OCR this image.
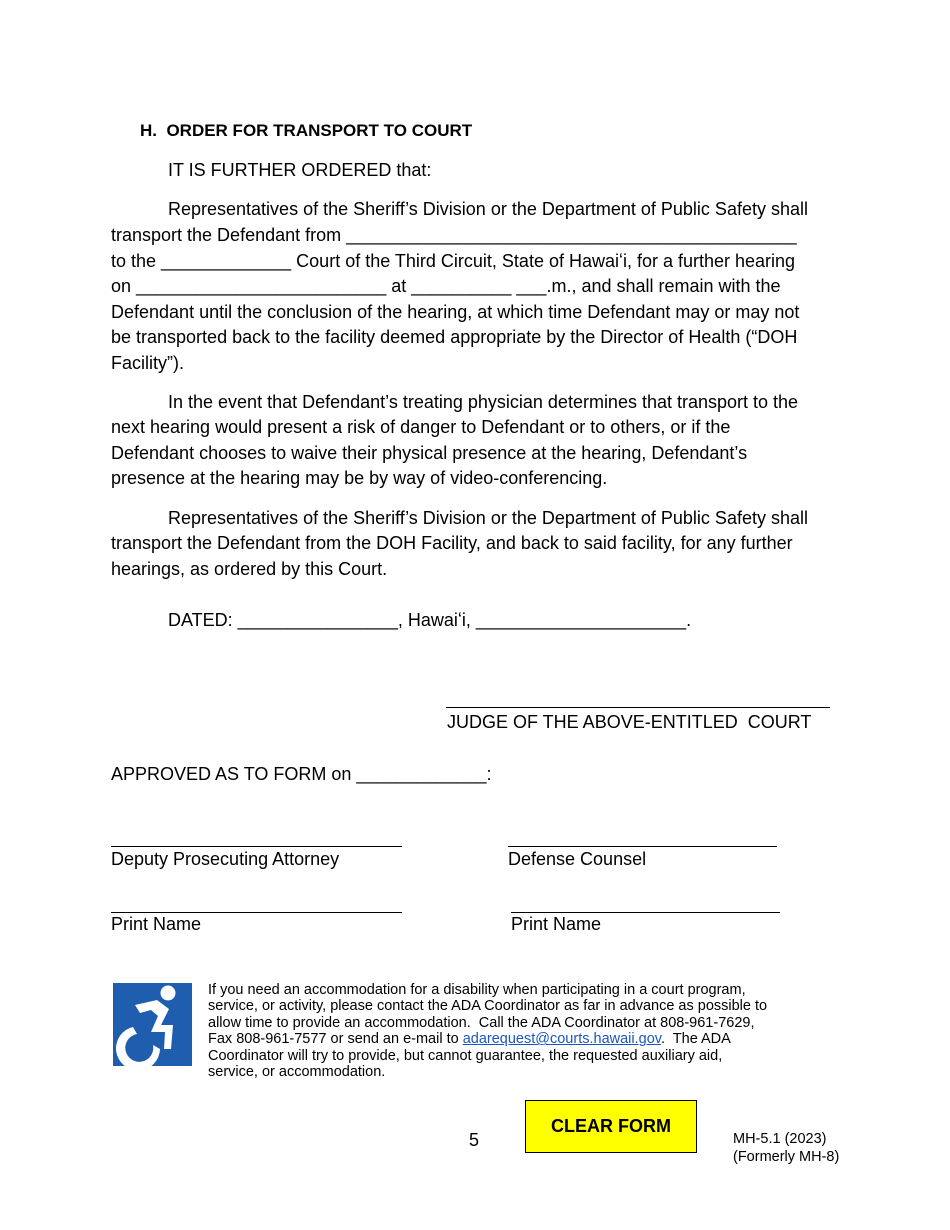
H.  ORDER FOR TRANSPORT TO COURT
IT IS FURTHER ORDERED that:
Representatives of the Sheriff’s Division or the Department of Public Safety shall
transport the Defendant from _____________________________________________
to the _____________ Court of the Third Circuit, State of Hawaiʻi, for a further hearing
on _________________________ at __________ ___.m., and shall remain with the
Defendant until the conclusion of the hearing, at which time Defendant may or may not
be transported back to the facility deemed appropriate by the Director of Health (“DOH
Facility”).
In the event that Defendant’s treating physician determines that transport to the
next hearing would present a risk of danger to Defendant or to others, or if the
Defendant chooses to waive their physical presence at the hearing, Defendant’s
presence at the hearing may be by way of video-conferencing.
Representatives of the Sheriff’s Division or the Department of Public Safety shall
transport the Defendant from the DOH Facility, and back to said facility, for any further
hearings, as ordered by this Court.
DATED: ________________, Hawaiʻi, _____________________.
JUDGE OF THE ABOVE-ENTITLED  COURT
APPROVED AS TO FORM on _____________:
Deputy Prosecuting Attorney	Defense Counsel
Print Name	Print Name
If you need an accommodation for a disability when participating in a court program,
service, or activity, please contact the ADA Coordinator as far in advance as possible to
allow time to provide an accommodation.  Call the ADA Coordinator at 808-961-7629,
Fax 808-961-7577 or send an e-mail to adarequest@courts.hawaii.gov.  The ADA
Coordinator will try to provide, but cannot guarantee, the requested auxiliary aid,
service, or accommodation.
5
CLEAR FORM
MH-5.1 (2023)
(Formerly MH-8)
